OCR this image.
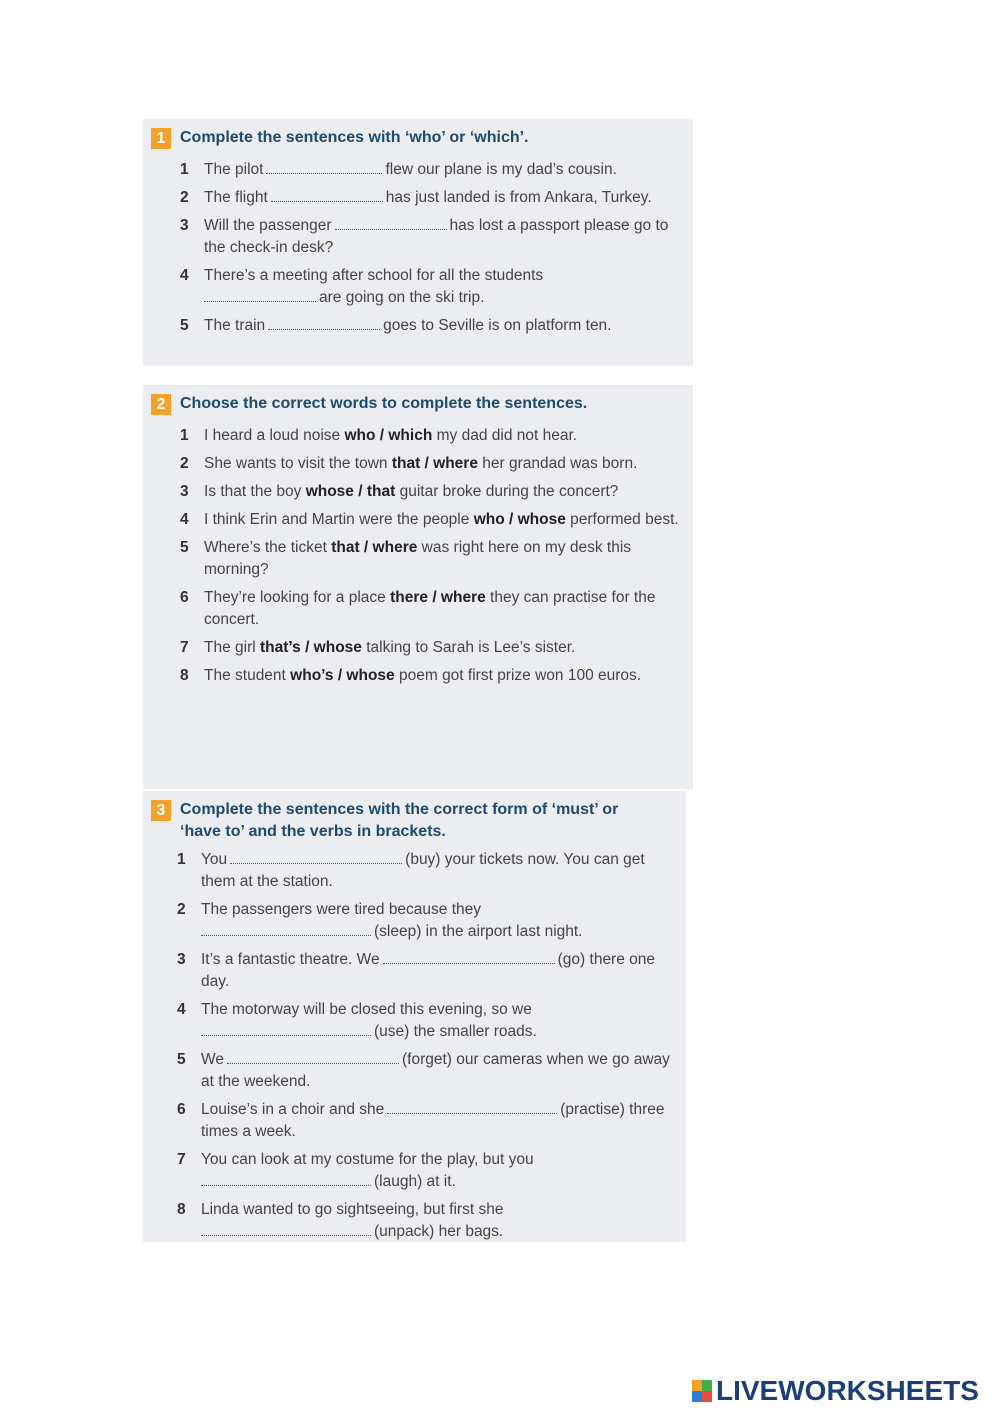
1 Complete the sentences with ‘who’ or ‘which’.
1 The pilot	flew our plane is my dad’s cousin.
2 The flight	has just landed is from Ankara, Turkey.
3 Will the passenger	has lost a passport please go to the check-in desk?
4 There’s a meeting after school for all the students
are going on the ski trip.
5 The train	goes to Seville is on platform ten.
2 Choose the correct words to complete the sentences.
1 I heard a loud noise who / which my dad did not hear.
2 She wants to visit the town that / where her grandad was born.
3 Is that the boy whose / that guitar broke during the concert?
4 I think Erin and Martin were the people who / whose performed best.
5 Where’s the ticket that / where was right here on my desk this morning?
6 They’re looking for a place there / where they can practise for the concert.
7 The girl that’s / whose talking to Sarah is Lee’s sister.
8 The student who’s / whose poem got first prize won 100 euros.
3 Complete the sentences with the correct form of ‘must’ or ‘have to’ and the verbs in brackets.
1 You	(buy) your tickets now. You can get them at the station.
2 The passengers were tired because they
(sleep) in the airport last night.
3 It’s a fantastic theatre. We	(go) there one day.
4 The motorway will be closed this evening, so we
(use) the smaller roads.
5 We	(forget) our cameras when we go away at the weekend.
6 Louise’s in a choir and she	(practise) three times a week.
7 You can look at my costume for the play, but you
(laugh) at it.
8 Linda wanted to go sightseeing, but first she
(unpack) her bags.
LIVEWORKSHEETS
